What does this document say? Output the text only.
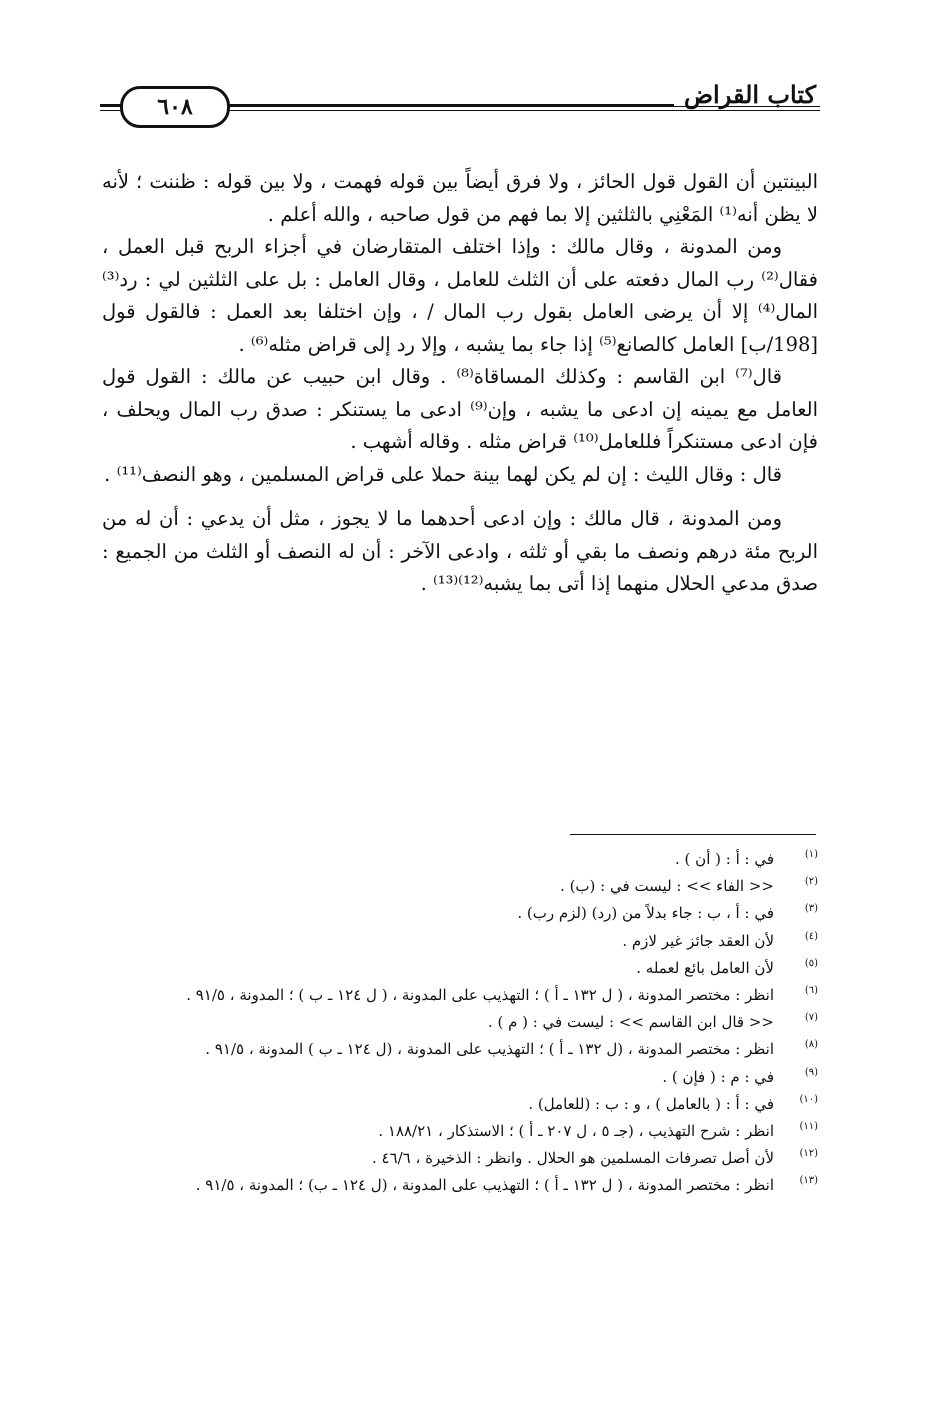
٦٠٨	كتاب القراض

البينتين أن القول قول الحائز ، ولا فرق أيضاً بين قوله فهمت ، ولا بين قوله : ظننت ؛ لأنه لا يظن أنه⁽¹⁾ المَعْنِي بالثلثين إلا بما فهم من قول صاحبه ، والله أعلم .

ومن المدونة ، وقال مالك : وإذا اختلف المتقارضان في أجزاء الربح قبل العمل ، فقال⁽²⁾ رب المال دفعته على أن الثلث للعامل ، وقال العامل : بل على الثلثين لي : رد⁽³⁾ المال⁽⁴⁾ إلا أن يرضى العامل بقول رب المال / ، وإن اختلفا بعد العمل : فالقول قول [198/ب] العامل كالصانع⁽⁵⁾ إذا جاء بما يشبه ، وإلا رد إلى قراض مثله⁽⁶⁾ .

قال⁽⁷⁾ ابن القاسم : وكذلك المساقاة⁽⁸⁾ . وقال ابن حبيب عن مالك : القول قول العامل مع يمينه إن ادعى ما يشبه ، وإن⁽⁹⁾ ادعى ما يستنكر : صدق رب المال ويحلف ، فإن ادعى مستنكراً فللعامل⁽¹⁰⁾ قراض مثله . وقاله أشهب .

قال : وقال الليث : إن لم يكن لهما بينة حملا على قراض المسلمين ، وهو النصف⁽¹¹⁾ .

ومن المدونة ، قال مالك : وإن ادعى أحدهما ما لا يجوز ، مثل أن يدعي : أن له من الربح مئة درهم ونصف ما بقي أو ثلثه ، وادعى الآخر : أن له النصف أو الثلث من الجميع : صدق مدعي الحلال منهما إذا أتى بما يشبه⁽¹²⁾⁽¹³⁾ .

(١)
في : أ : ( أن ) .
(٢)
<< الفاء >> : ليست في : (ب) .
(٣)
في : أ ، ب : جاء بدلاً من (رد) (لزم رب) .
(٤)
لأن العقد جائز غير لازم .
(٥)
لأن العامل بائع لعمله .
(٦)
انظر : مختصر المدونة ، ( ل ١٣٢ ـ أ ) ؛ التهذيب على المدونة ، ( ل ١٢٤ ـ ب ) ؛ المدونة ، ٩١/٥ .
(٧)
<< قال ابن القاسم >> : ليست في : ( م ) .
(٨)
انظر : مختصر المدونة ، (ل ١٣٢ ـ أ ) ؛ التهذيب على المدونة ، (ل ١٢٤ ـ ب ) المدونة ، ٩١/٥ .
(٩)
في : م : ( فإن ) .
(١٠)
في : أ : ( بالعامل ) ، و : ب : (للعامل) .
(١١)
انظر : شرح التهذيب ، (جـ ٥ ، ل ٢٠٧ ـ أ ) ؛ الاستذكار ، ١٨٨/٢١ .
(١٢)
لأن أصل تصرفات المسلمين هو الحلال . وانظر : الذخيرة ، ٤٦/٦ .
(١٣)
انظر : مختصر المدونة ، ( ل ١٣٢ ـ أ ) ؛ التهذيب على المدونة ، (ل ١٢٤ ـ ب) ؛ المدونة ، ٩١/٥ .
